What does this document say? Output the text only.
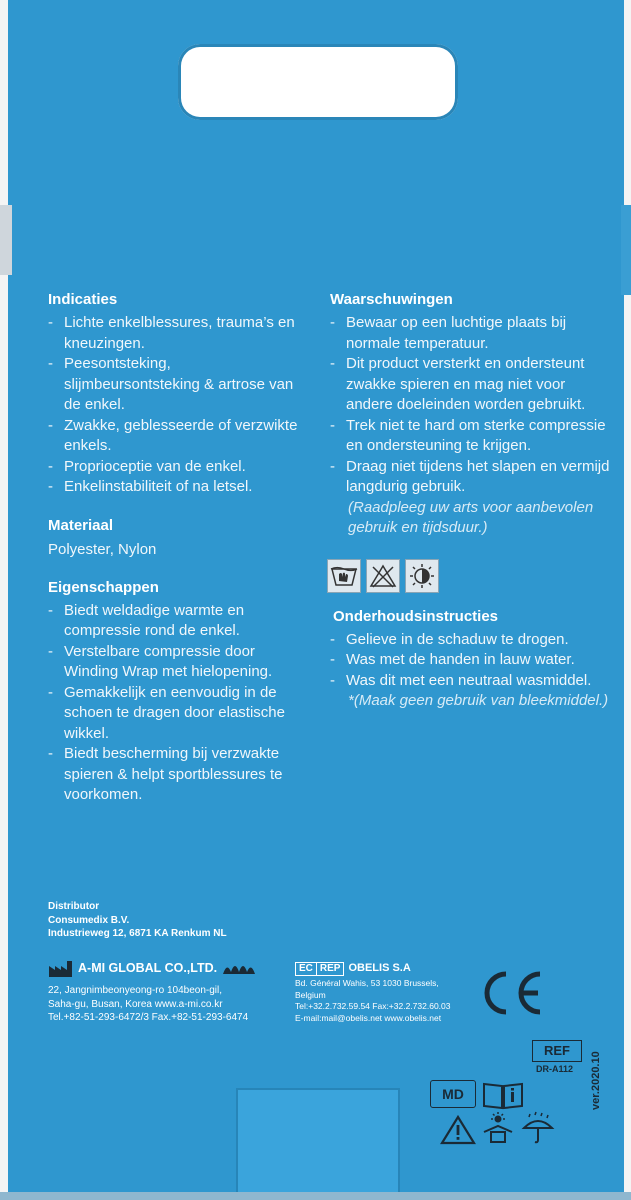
Indicaties
- Lichte enkelblessures, trauma’s en kneuzingen.
- Peesontsteking, slijmbeursontsteking & artrose van de enkel.
- Zwakke, geblesseerde of verzwikte enkels.
- Proprioceptie van de enkel.
- Enkelinstabiliteit of na letsel.
Materiaal

Polyester, Nylon

Eigenschappen
- Biedt weldadige warmte en compressie rond de enkel.
- Verstelbare compressie door Winding Wrap met hielopening.
- Gemakkelijk en eenvoudig in de schoen te dragen door elastische wikkel.
- Biedt bescherming bij verzwakte spieren & helpt sportblessures te voorkomen.
Waarschuwingen
- Bewaar op een luchtige plaats bij normale temperatuur.
- Dit product versterkt en ondersteunt zwakke spieren en mag niet voor andere doeleinden worden gebruikt.
- Trek niet te hard om sterke compressie en ondersteuning te krijgen.
- Draag niet tijdens het slapen en vermijd langdurig gebruik.
(Raadpleeg uw arts voor aanbevolen gebruik en tijdsduur.)
Onderhoudsinstructies
- Gelieve in de schaduw te drogen.
- Was met de handen in lauw water.
- Was dit met een neutraal wasmiddel.
*(Maak geen gebruik van bleekmiddel.)
Distributor
Consumedix B.V.
Industrieweg 12, 6871 KA Renkum NL
A-MI GLOBAL CO.,LTD.
22, Jangnimbeonyeong-ro 104beon-gil,
Saha-gu, Busan, Korea www.a-mi.co.kr
Tel.+82-51-293-6472/3 Fax.+82-51-293-6474
EC REP OBELIS S.A
Bd. Général Wahis, 53 1030 Brussels,
Belgium
Tel:+32.2.732.59.54 Fax:+32.2.732.60.03
E-mail:mail@obelis.net www.obelis.net
REF
DR-A112 ver.2020.10
MD
